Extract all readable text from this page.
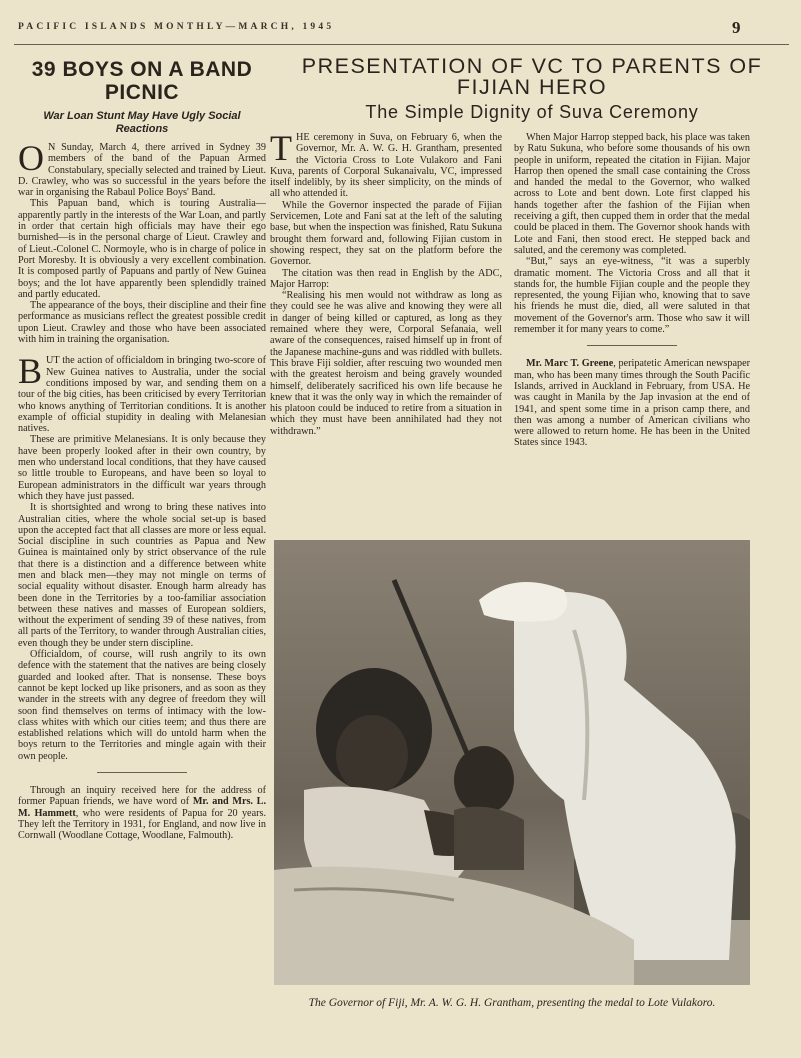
PACIFIC ISLANDS MONTHLY—MARCH, 1945	9
39 BOYS ON A BAND PICNIC
War Loan Stunt May Have Ugly Social Reactions

O N Sunday, March 4, there arrived in Sydney 39 members of the band of the Papuan Armed Constabulary, specially selected and trained by Lieut. D. Crawley, who was so successful in the years before the war in organising the Rabaul Police Boys' Band.

This Papuan band, which is touring Australia—apparently partly in the interests of the War Loan, and partly in order that certain high officials may have their ego burnished—is in the personal charge of Lieut. Crawley and of Lieut.-Colonel C. Normoyle, who is in charge of police in Port Moresby. It is obviously a very excellent combination. It is composed partly of Papuans and partly of New Guinea boys; and the lot have apparently been splendidly trained and partly educated.

The appearance of the boys, their discipline and their fine performance as musicians reflect the greatest possible credit upon Lieut. Crawley and those who have been associated with him in training the organisation.

BUT the action of officialdom in bringing two-score of New Guinea natives to Australia, under the social conditions imposed by war, and sending them on a tour of the big cities, has been criticised by every Territorian who knows anything of Territorian conditions. It is another example of official stupidity in dealing with Melanesian natives.

These are primitive Melanesians. It is only because they have been properly looked after in their own country, by men who understand local conditions, that they have caused so little trouble to Europeans, and have been so loyal to European administrators in the difficult war years through which they have just passed.

It is shortsighted and wrong to bring these natives into Australian cities, where the whole social set-up is based upon the accepted fact that all classes are more or less equal. Social discipline in such countries as Papua and New Guinea is maintained only by strict observance of the rule that there is a distinction and a difference between white men and black men—they may not mingle on terms of social equality without disaster. Enough harm already has been done in the Territories by a too-familiar association between these natives and masses of European soldiers, without the experiment of sending 39 of these natives, from all parts of the Territory, to wander through Australian cities, even though they be under stern discipline.

Officialdom, of course, will rush angrily to its own defence with the statement that the natives are being closely guarded and looked after. That is nonsense. These boys cannot be kept locked up like prisoners, and as soon as they wander in the streets with any degree of freedom they will soon find themselves on terms of intimacy with the low-class whites with which our cities teem; and thus there are established relations which will do untold harm when the boys return to the Territories and mingle again with their own people.

Through an inquiry received here for the address of former Papuan friends, we have word of Mr. and Mrs. L. M. Hammett, who were residents of Papua for 20 years. They left the Territory in 1931, for England, and now live in Cornwall (Woodlane Cottage, Woodlane, Falmouth).

PRESENTATION OF VC TO PARENTS OF FIJIAN HERO
The Simple Dignity of Suva Ceremony

THE ceremony in Suva, on February 6, when the Governor, Mr. A. W. G. H. Grantham, presented the Victoria Cross to Lote Vulakoro and Fani Kuva, parents of Corporal Sukanaivalu, VC, impressed itself indelibly, by its sheer simplicity, on the minds of all who attended it.

While the Governor inspected the parade of Fijian Servicemen, Lote and Fani sat at the left of the saluting base, but when the inspection was finished, Ratu Sukuna brought them forward and, following Fijian custom in showing respect, they sat on the platform before the Governor.

The citation was then read in English by the ADC, Major Harrop:

“Realising his men would not withdraw as long as they could see he was alive and knowing they were all in danger of being killed or captured, as long as they remained where they were, Corporal Sefanaia, well aware of the consequences, raised himself up in front of the Japanese machine-guns and was riddled with bullets. This brave Fiji soldier, after rescuing two wounded men with the greatest heroism and being gravely wounded himself, deliberately sacrificed his own life because he knew that it was the only way in which the remainder of his platoon could be induced to retire from a situation in which they must have been annihilated had they not withdrawn.”

When Major Harrop stepped back, his place was taken by Ratu Sukuna, who before some thousands of his own people in uniform, repeated the citation in Fijian. Major Harrop then opened the small case containing the Cross and handed the medal to the Governor, who walked across to Lote and bent down. Lote first clapped his hands together after the fashion of the Fijian when receiving a gift, then cupped them in order that the medal could be placed in them. The Governor shook hands with Lote and Fani, then stood erect. He stepped back and saluted, and the ceremony was completed.

“But,” says an eye-witness, “it was a superbly dramatic moment. The Victoria Cross and all that it stands for, the humble Fijian couple and the people they represented, the young Fijian who, knowing that to save his friends he must die, died, all were saluted in that movement of the Governor's arm. Those who saw it will remember it for many years to come.”

Mr. Marc T. Greene, peripatetic American newspaper man, who has been many times through the South Pacific Islands, arrived in Auckland in February, from USA. He was caught in Manila by the Jap invasion at the end of 1941, and spent some time in a prison camp there, and then was among a number of American civilians who were allowed to return home. He has been in the United States since 1943.

The Governor of Fiji, Mr. A. W. G. H. Grantham, presenting the medal to Lote Vulakoro.
